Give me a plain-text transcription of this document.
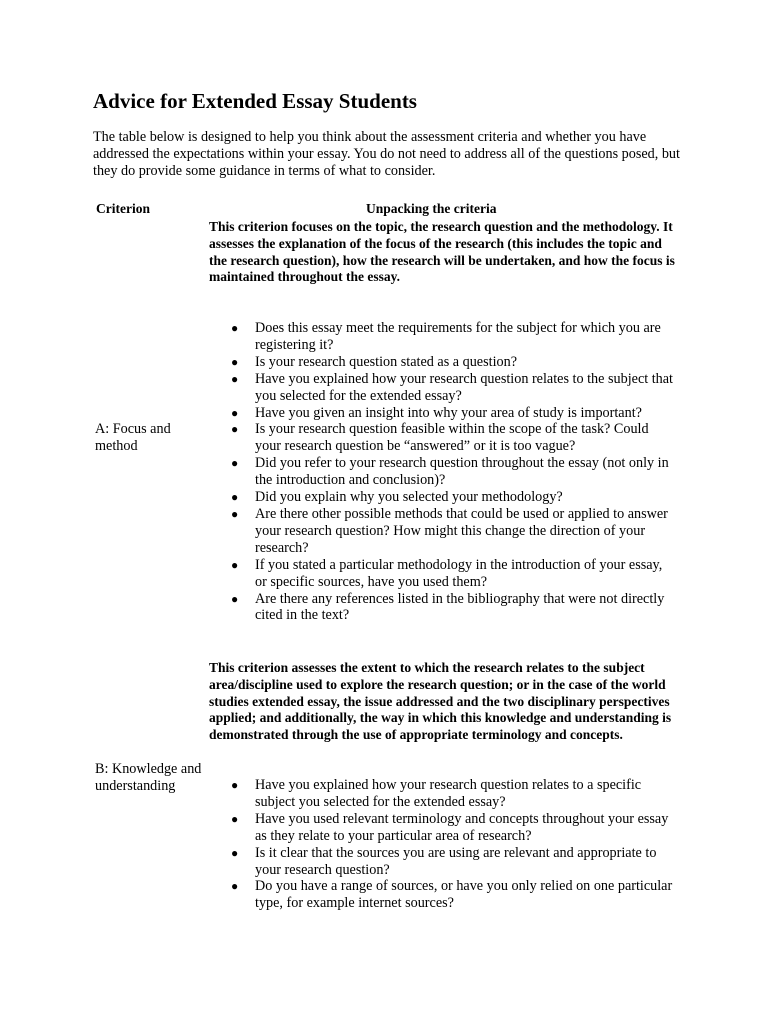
Advice for Extended Essay Students

The table below is designed to help you think about the assessment criteria and whether you have addressed the expectations within your essay. You do not need to address all of the questions posed, but they do provide some guidance in terms of what to consider.

Criterion	Unpacking the criteria
A: Focus and method

This criterion focuses on the topic, the research question and the methodology. It assesses the explanation of the focus of the research (this includes the topic and the research question), how the research will be undertaken, and how the focus is maintained throughout the essay.

● Does this essay meet the requirements for the subject for which you are registering it?
● Is your research question stated as a question?
● Have you explained how your research question relates to the subject that you selected for the extended essay?
● Have you given an insight into why your area of study is important?
● Is your research question feasible within the scope of the task? Could your research question be “answered” or it is too vague?
● Did you refer to your research question throughout the essay (not only in the introduction and conclusion)?
● Did you explain why you selected your methodology?
● Are there other possible methods that could be used or applied to answer your research question? How might this change the direction of your research?
● If you stated a particular methodology in the introduction of your essay, or specific sources, have you used them?
● Are there any references listed in the bibliography that were not directly cited in the text?
B: Knowledge and understanding

This criterion assesses the extent to which the research relates to the subject area/discipline used to explore the research question; or in the case of the world studies extended essay, the issue addressed and the two disciplinary perspectives applied; and additionally, the way in which this knowledge and understanding is demonstrated through the use of appropriate terminology and concepts.

● Have you explained how your research question relates to a specific subject you selected for the extended essay?
● Have you used relevant terminology and concepts throughout your essay as they relate to your particular area of research?
● Is it clear that the sources you are using are relevant and appropriate to your research question?
● Do you have a range of sources, or have you only relied on one particular type, for example internet sources?
